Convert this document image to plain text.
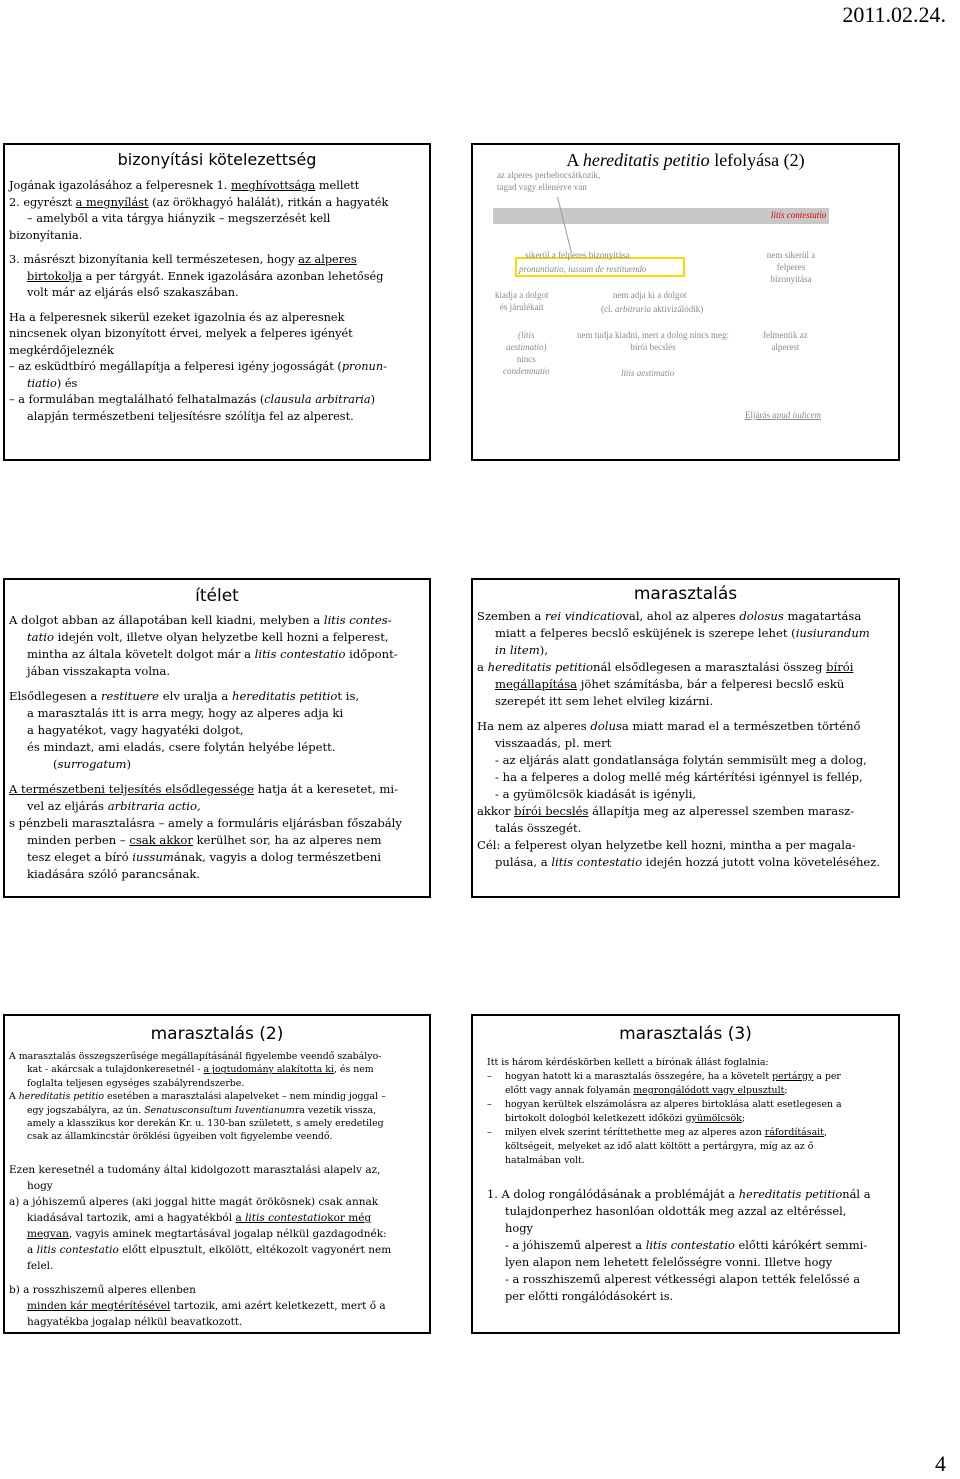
2011.02.24.
bizonyítási kötelezettség

Jogának igazolásához a felperesnek 1. meghívottsága mellett

2. egyrészt a megnyílást (az örökhagyó halálát), ritkán a hagyaték

– amelyből a vita tárgya hiányzik – megszerzését kell

bizonyítania.

3. másrészt bizonyítania kell természetesen, hogy az alperes

birtokolja a per tárgyát. Ennek igazolására azonban lehetőség

volt már az eljárás első szakaszában.

Ha a felperesnek sikerül ezeket igazolnia és az alperesnek

nincsenek olyan bizonyított érvei, melyek a felperes igényét

megkérdőjeleznék

– az esküdtbíró megállapítja a felperesi igény jogosságát (pronun-

tiatio) és

– a formulában megtalálható felhatalmazás (clausula arbitraria)

alapján természetbeni teljesítésre szólítja fel az alperest.

A hereditatis petitio lefolyása (2)
az alperes perbebocsátkozik,
tagad vagy ellenérve van
litis contestatio
sikerül a felperes bizonyítása
pronuntiatio, iussum de restituendo
nem sikerül a
felperes
bizonyítása
kiadja a dolgot
és járulékait
nem adja ki a dolgot
(cl. arbitraria aktivizálódik)
(litis
aestimatio)
nincs
condemnatio
nem tudja kiadni, mert a dolog nincs meg:
bírói becslés
litis aestimatio
felmentik az
alperest
Eljárás apud iudicem
ítélet

A dolgot abban az állapotában kell kiadni, melyben a litis contes-

tatio idején volt, illetve olyan helyzetbe kell hozni a felperest,

mintha az általa követelt dolgot már a litis contestatio időpont-

jában visszakapta volna.

Elsődlegesen a restituere elv uralja a hereditatis petitiot is,

a marasztalás itt is arra megy, hogy az alperes adja ki

a hagyatékot, vagy hagyatéki dolgot,

és mindazt, ami eladás, csere folytán helyébe lépett.

(surrogatum)

A természetbeni teljesítés elsődlegessége hatja át a keresetet, mi-

vel az eljárás arbitraria actio,

s pénzbeli marasztalásra – amely a formuláris eljárásban főszabály

minden perben – csak akkor kerülhet sor, ha az alperes nem

tesz eleget a bíró iussumának, vagyis a dolog természetbeni

kiadására szóló parancsának.

marasztalás

Szemben a rei vindicatioval, ahol az alperes dolosus magatartása

miatt a felperes becslő esküjének is szerepe lehet (iusiurandum

in litem),

a hereditatis petitionál elsődlegesen a marasztalási összeg bírói

megállapítása jöhet számításba, bár a felperesi becslő eskü

szerepét itt sem lehet elvileg kizárni.

Ha nem az alperes dolusa miatt marad el a természetben történő

visszaadás, pl. mert

- az eljárás alatt gondatlansága folytán semmisült meg a dolog,

- ha a felperes a dolog mellé még kártérítési igénnyel is fellép,

- a gyümölcsök kiadását is igényli,

akkor bírói becslés állapítja meg az alperessel szemben marasz-

talás összegét.

Cél: a felperest olyan helyzetbe kell hozni, mintha a per magala-

pulása, a litis contestatio idején hozzá jutott volna követeléséhez.

marasztalás (2)

A marasztalás összegszerűsége megállapításánál figyelembe veendő szabályo-

kat - akárcsak a tulajdonkeresetnél - a jogtudomány alakította ki, és nem

foglalta teljesen egységes szabályrendszerbe.

A hereditatis petitio esetében a marasztalási alapelveket – nem mindig joggal –

egy jogszabályra, az ún. Senatusconsultum Iuventianumra vezetik vissza,

amely a klasszikus kor derekán Kr. u. 130-ban született, s amely eredetileg

csak az államkincstár öröklési ügyeiben volt figyelembe veendő.

Ezen keresetnél a tudomány által kidolgozott marasztalási alapelv az,

hogy

a) a jóhiszemű alperes (aki joggal hitte magát örökösnek) csak annak

kiadásával tartozik, ami a hagyatékból a litis contestatiokor még

megvan, vagyis aminek megtartásával jogalap nélkül gazdagodnék:

a litis contestatio előtt elpusztult, elkölött, eltékozolt vagyonért nem

felel.

b) a rosszhiszemű alperes ellenben

minden kár megtérítésével tartozik, ami azért keletkezett, mert ő a

hagyatékba jogalap nélkül beavatkozott.

marasztalás (3)

Itt is három kérdéskörben kellett a bírónak állást foglalnia:

– hogyan hatott ki a marasztalás összegére, ha a követelt pertárgy a per

előtt vagy annak folyamán megrongálódott vagy elpusztult;

– hogyan kerültek elszámolásra az alperes birtoklása alatt esetlegesen a

birtokolt dologból keletkezett időközi gyümölcsök;

– milyen elvek szerint téríttethette meg az alperes azon ráfordításait,

költségeit, melyeket az idő alatt költött a pertárgyra, míg az az ő

hatalmában volt.

1. A dolog rongálódásának a problémáját a hereditatis petitionál a

tulajdonperhez hasonlóan oldották meg azzal az eltéréssel,

hogy

- a jóhiszemű alperest a litis contestatio előtti kárókért semmi-

lyen alapon nem lehetett felelősségre vonni. Illetve hogy

- a rosszhiszemű alperest vétkességi alapon tették felelőssé a

per előtti rongálódásokért is.

4
